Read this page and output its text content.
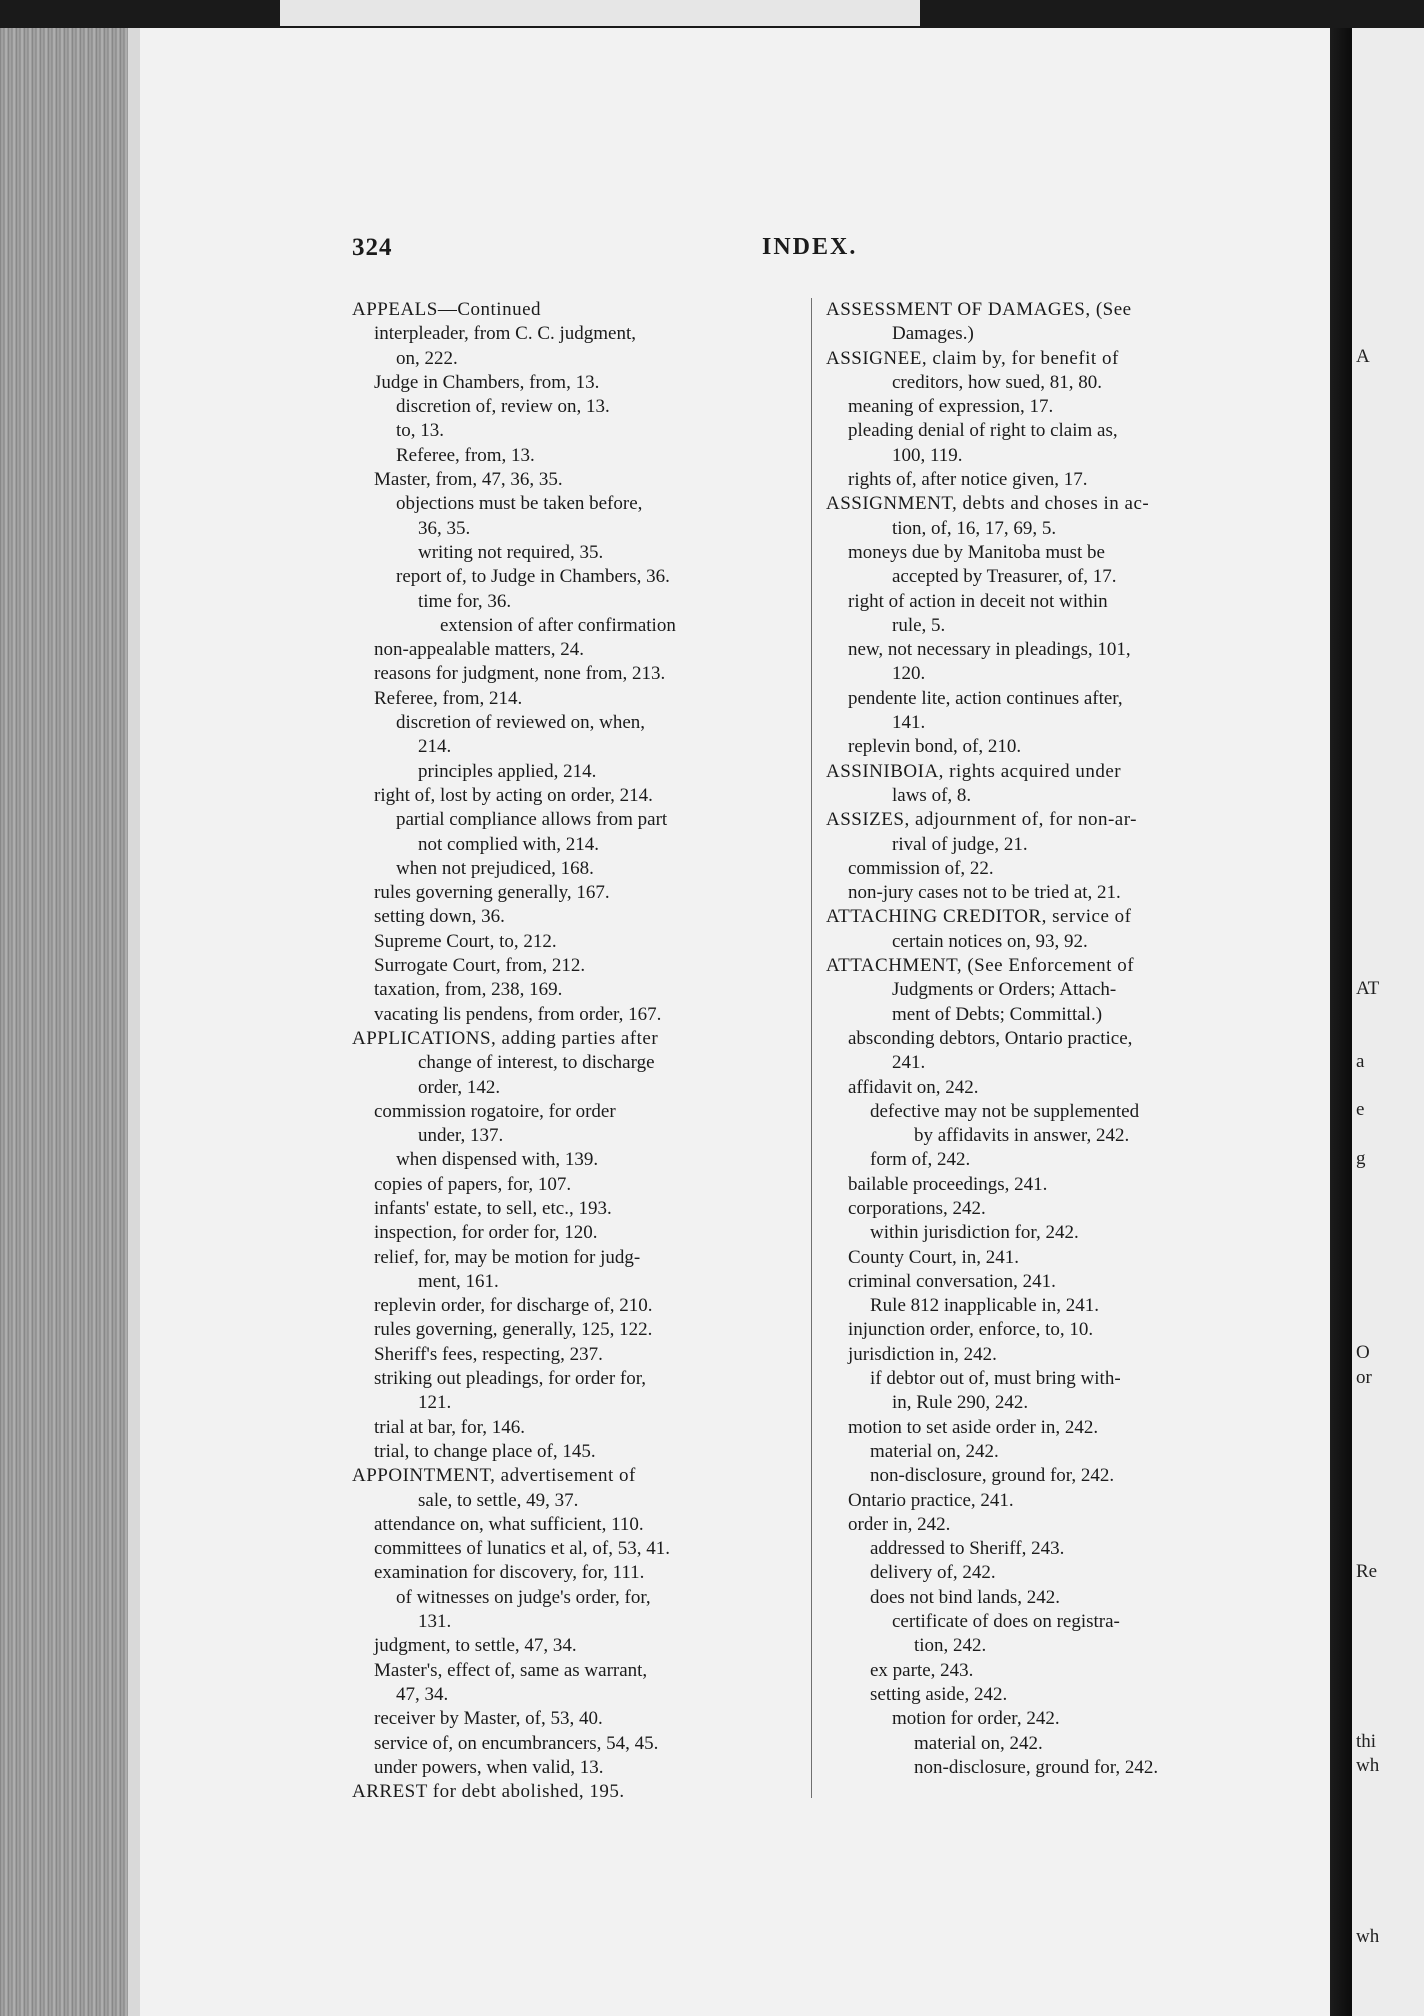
324	INDEX.
APPEALS—Continued
interpleader, from C. C. judgment,
on, 222.
Judge in Chambers, from, 13.
discretion of, review on, 13.
to, 13.
Referee, from, 13.
Master, from, 47, 36, 35.
objections must be taken before,
36, 35.
writing not required, 35.
report of, to Judge in Chambers, 36.
time for, 36.
extension of after confirmation
non-appealable matters, 24.
reasons for judgment, none from, 213.
Referee, from, 214.
discretion of reviewed on, when,
214.
principles applied, 214.
right of, lost by acting on order, 214.
partial compliance allows from part
not complied with, 214.
when not prejudiced, 168.
rules governing generally, 167.
setting down, 36.
Supreme Court, to, 212.
Surrogate Court, from, 212.
taxation, from, 238, 169.
vacating lis pendens, from order, 167.
APPLICATIONS, adding parties after
change of interest, to discharge
order, 142.
commission rogatoire, for order
under, 137.
when dispensed with, 139.
copies of papers, for, 107.
infants' estate, to sell, etc., 193.
inspection, for order for, 120.
relief, for, may be motion for judg-
ment, 161.
replevin order, for discharge of, 210.
rules governing, generally, 125, 122.
Sheriff's fees, respecting, 237.
striking out pleadings, for order for,
121.
trial at bar, for, 146.
trial, to change place of, 145.
APPOINTMENT, advertisement of
sale, to settle, 49, 37.
attendance on, what sufficient, 110.
committees of lunatics et al, of, 53, 41.
examination for discovery, for, 111.
of witnesses on judge's order, for,
131.
judgment, to settle, 47, 34.
Master's, effect of, same as warrant,
47, 34.
receiver by Master, of, 53, 40.
service of, on encumbrancers, 54, 45.
under powers, when valid, 13.
ARREST for debt abolished, 195.
ASSESSMENT OF DAMAGES, (See
Damages.)
ASSIGNEE, claim by, for benefit of
creditors, how sued, 81, 80.
meaning of expression, 17.
pleading denial of right to claim as,
100, 119.
rights of, after notice given, 17.
ASSIGNMENT, debts and choses in ac-
tion, of, 16, 17, 69, 5.
moneys due by Manitoba must be
accepted by Treasurer, of, 17.
right of action in deceit not within
rule, 5.
new, not necessary in pleadings, 101,
120.
pendente lite, action continues after,
141.
replevin bond, of, 210.
ASSINIBOIA, rights acquired under
laws of, 8.
ASSIZES, adjournment of, for non-ar-
rival of judge, 21.
commission of, 22.
non-jury cases not to be tried at, 21.
ATTACHING CREDITOR, service of
certain notices on, 93, 92.
ATTACHMENT, (See Enforcement of
Judgments or Orders; Attach-
ment of Debts; Committal.)
absconding debtors, Ontario practice,
241.
affidavit on, 242.
defective may not be supplemented
by affidavits in answer, 242.
form of, 242.
bailable proceedings, 241.
corporations, 242.
within jurisdiction for, 242.
County Court, in, 241.
criminal conversation, 241.
Rule 812 inapplicable in, 241.
injunction order, enforce, to, 10.
jurisdiction in, 242.
if debtor out of, must bring with-
in, Rule 290, 242.
motion to set aside order in, 242.
material on, 242.
non-disclosure, ground for, 242.
Ontario practice, 241.
order in, 242.
addressed to Sheriff, 243.
delivery of, 242.
does not bind lands, 242.
certificate of does on registra-
tion, 242.
ex parte, 243.
setting aside, 242.
motion for order, 242.
material on, 242.
non-disclosure, ground for, 242.
A
AT
a
e
g
O
or
Re
thi
wh
wh
